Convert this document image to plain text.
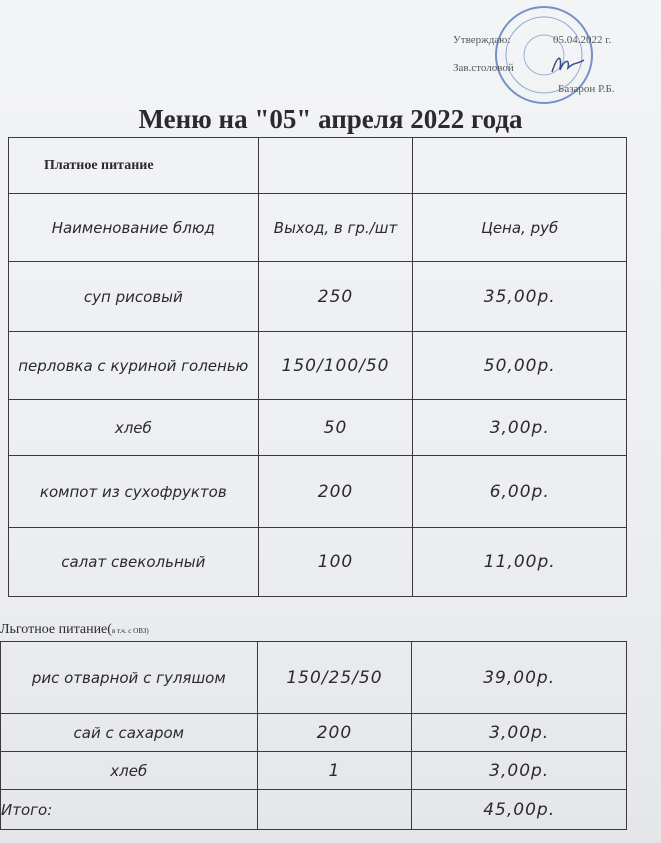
Утверждаю:	05.04.2022 г.
Зав.столовой
Базарон Р.Б.
Меню на "05" апреля 2022 года
Платное питание		
Наименование блюд	Выход, в гр./шт	Цена, руб
суп рисовый	250	35,00р.
перловка с куриной голенью	150/100/50	50,00р.
хлеб	50	3,00р.
компот из сухофруктов	200	6,00р.
салат свекольный	100	11,00р.
Льготное питание(в т.ч. с ОВЗ)
рис отварной с гуляшом	150/25/50	39,00р.
сай с сахаром	200	3,00р.
хлеб	1	3,00р.
Итого:		45,00р.
